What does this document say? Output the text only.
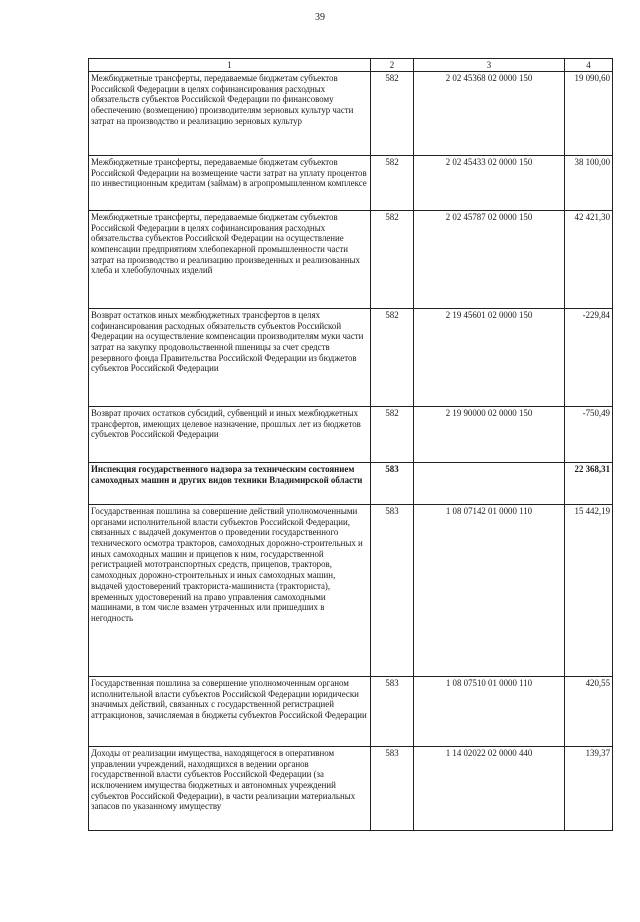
39
1	2	3	4
Межбюджетные трансферты, передаваемые бюджетам субъектов Российской Федерации в целях софинансирования расходных обязательств субъектов Российской Федерации по финансовому обеспечению (возмещению) производителям зерновых культур части затрат на производство и реализацию зерновых культур	582	2 02 45368 02 0000 150	19 090,60
Межбюджетные трансферты, передаваемые бюджетам субъектов Российской Федерации на возмещение части затрат на уплату процентов по инвестиционным кредитам (займам) в агропромышленном комплексе	582	2 02 45433 02 0000 150	38 100,00
Межбюджетные трансферты, передаваемые бюджетам субъектов Российской Федерации в целях софинансирования расходных обязательства субъектов Российской Федерации на осуществление компенсации предприятиям хлебопекарной промышленности части затрат на производство и реализацию произведенных и реализованных хлеба и хлебобулочных изделий	582	2 02 45787 02 0000 150	42 421,30
Возврат остатков иных межбюджетных трансфертов в целях софинансирования расходных обязательств субъектов Российской Федерации на осуществление компенсации производителям муки части затрат на закупку продовольственной пшеницы за счет средств резервного фонда Правительства Российской Федерации из бюджетов субъектов Российской Федерации	582	2 19 45601 02 0000 150	-229,84
Возврат прочих остатков субсидий, субвенций и иных межбюджетных трансфертов, имеющих целевое назначение, прошлых лет из бюджетов субъектов Российской Федерации	582	2 19 90000 02 0000 150	-750,49
Инспекция государственного надзора за техническим состоянием самоходных машин и других видов техники Владимирской области	583		22 368,31
Государственная пошлина за совершение действий уполномоченными органами исполнительной власти субъектов Российской Федерации, связанных с выдачей документов о проведении государственного технического осмотра тракторов, самоходных дорожно-строительных и иных самоходных машин и прицепов к ним, государственной регистрацией мототранспортных средств, прицепов, тракторов, самоходных дорожно-строительных и иных самоходных машин, выдачей удостоверений тракториста-машиниста (тракториста), временных удостоверений на право управления самоходными машинами, в том числе взамен утраченных или пришедших в негодность	583	1 08 07142 01 0000 110	15 442,19
Государственная пошлина за совершение уполномоченным органом исполнительной власти субъектов Российской Федерации юридически значимых действий, связанных с государственной регистрацией аттракционов, зачисляемая в бюджеты субъектов Российской Федерации	583	1 08 07510 01 0000 110	420,55
Доходы от реализации имущества, находящегося в оперативном управлении учреждений, находящихся в ведении органов государственной власти субъектов Российской Федерации (за исключением имущества бюджетных и автономных учреждений субъектов Российской Федерации), в части реализации материальных запасов по указанному имуществу	583	1 14 02022 02 0000 440	139,37
